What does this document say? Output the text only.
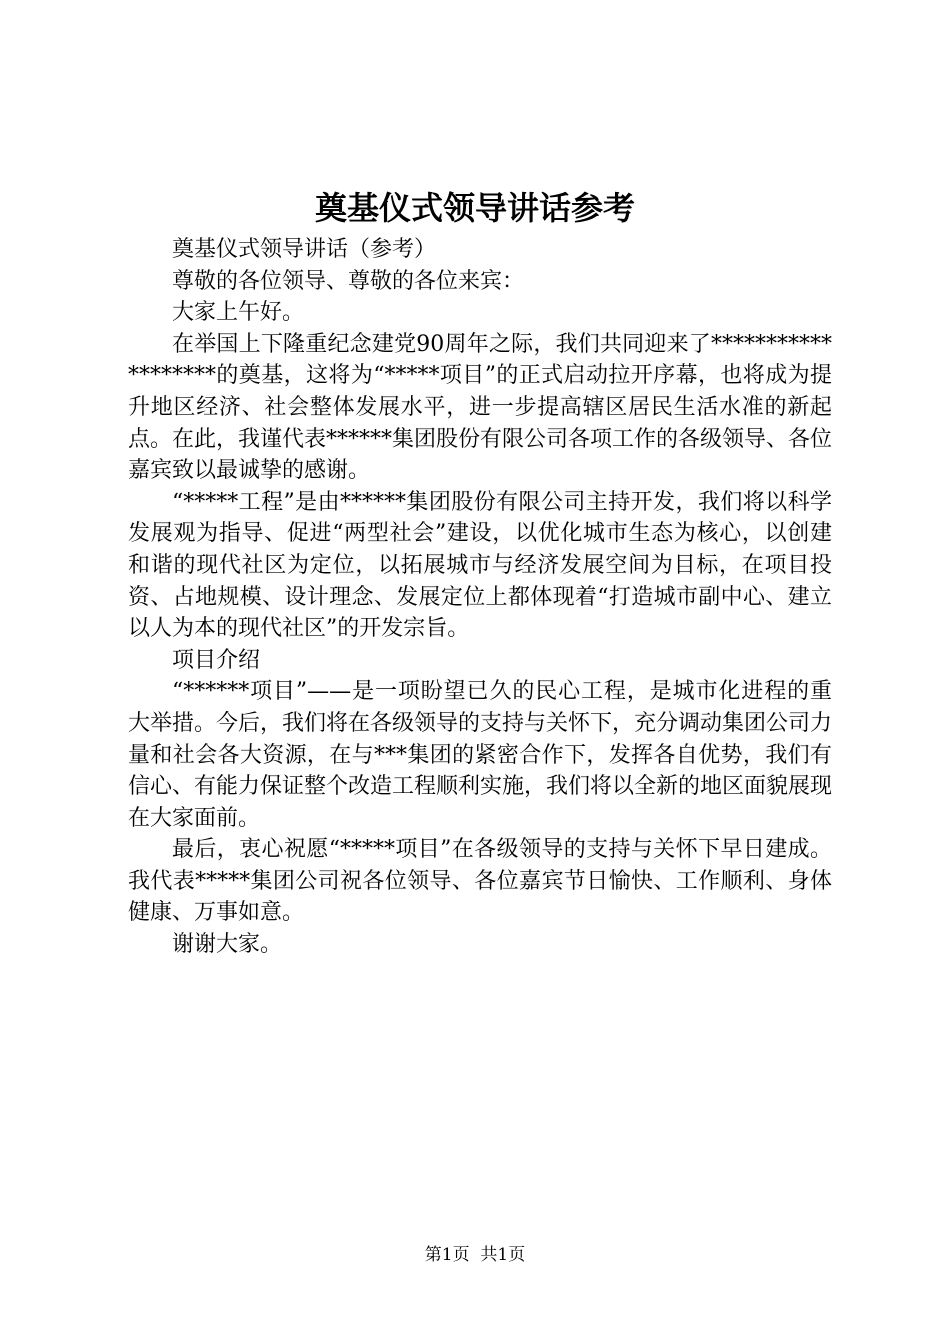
奠基仪式领导讲话参考

奠基仪式领导讲话（参考）

尊敬的各位领导、尊敬的各位来宾：

大家上午好。

在举国上下隆重纪念建党90周年之际，我们共同迎来了*******************的奠基，这将为“*****项目”的正式启动拉开序幕，也将成为提升地区经济、社会整体发展水平，进一步提高辖区居民生活水准的新起点。在此，我谨代表******集团股份有限公司各项工作的各级领导、各位嘉宾致以最诚挚的感谢。

“*****工程”是由******集团股份有限公司主持开发，我们将以科学发展观为指导、促进“两型社会”建设，以优化城市生态为核心，以创建和谐的现代社区为定位，以拓展城市与经济发展空间为目标，在项目投资、占地规模、设计理念、发展定位上都体现着“打造城市副中心、建立以人为本的现代社区”的开发宗旨。

项目介绍

“******项目”——是一项盼望已久的民心工程，是城市化进程的重大举措。今后，我们将在各级领导的支持与关怀下，充分调动集团公司力量和社会各大资源，在与***集团的紧密合作下，发挥各自优势，我们有信心、有能力保证整个改造工程顺利实施，我们将以全新的地区面貌展现在大家面前。

最后，衷心祝愿“*****项目”在各级领导的支持与关怀下早日建成。我代表*****集团公司祝各位领导、各位嘉宾节日愉快、工作顺利、身体健康、万事如意。

谢谢大家。

第1页 共1页
